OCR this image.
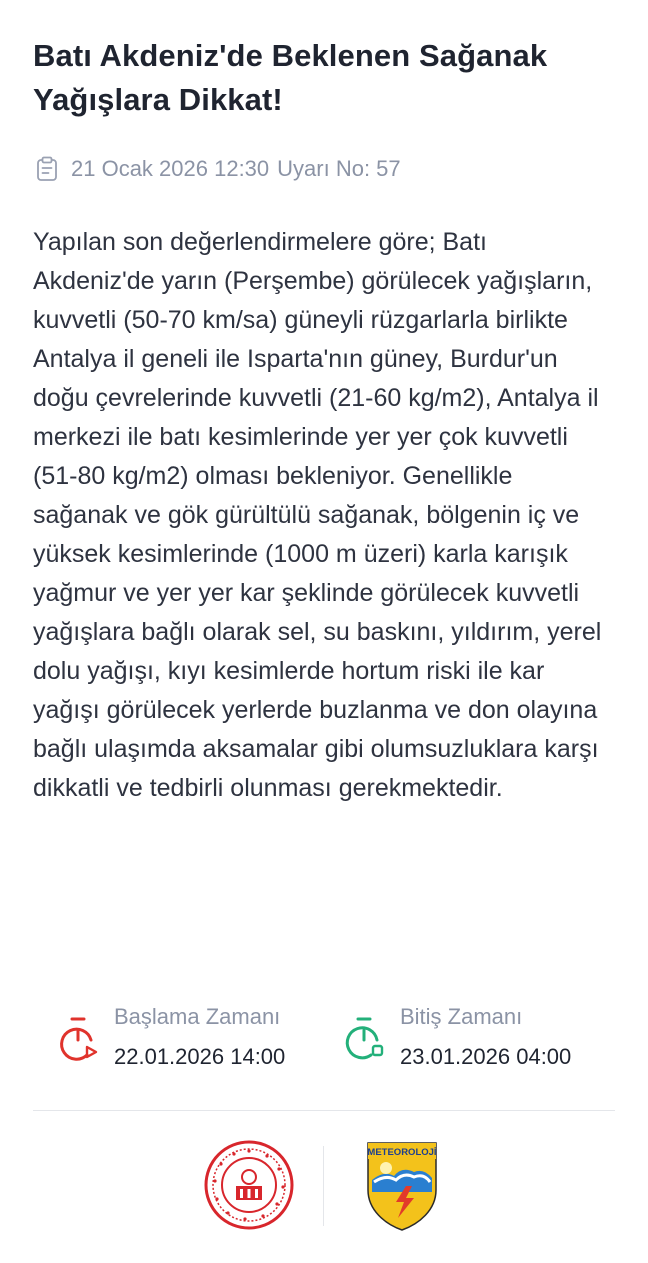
Batı Akdeniz'de Beklenen Sağanak Yağışlara Dikkat!
21 Ocak 2026 12:30 Uyarı No: 57

Yapılan son değerlendirmelere göre; Batı Akdeniz'de yarın (Perşembe) görülecek yağışların, kuvvetli (50-70 km/sa) güneyli rüzgarlarla birlikte Antalya il geneli ile Isparta'nın güney, Burdur'un doğu çevrelerinde kuvvetli (21-60 kg/m2), Antalya il merkezi ile batı kesimlerinde yer yer çok kuvvetli (51-80 kg/m2) olması bekleniyor. Genellikle sağanak ve gök gürültülü sağanak, bölgenin iç ve yüksek kesimlerinde (1000 m üzeri) karla karışık yağmur ve yer yer kar şeklinde görülecek kuvvetli yağışlara bağlı olarak sel, su baskını, yıldırım, yerel dolu yağışı, kıyı kesimlerde hortum riski ile kar yağışı görülecek yerlerde buzlanma ve don olayına bağlı ulaşımda aksamalar gibi olumsuzluklara karşı dikkatli ve tedbirli olunması gerekmektedir.

Başlama Zamanı
22.01.2026 14:00
Bitiş Zamanı
23.01.2026 04:00
METEOROLOJİ
